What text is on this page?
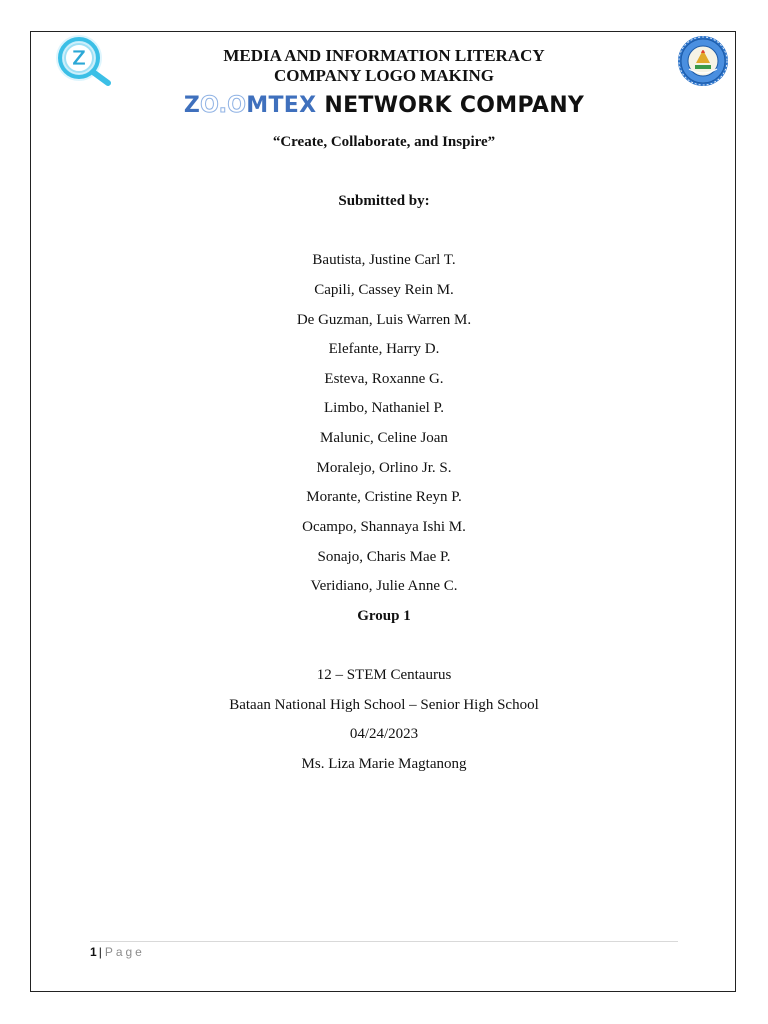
Z	MEDIA AND INFORMATION LITERACY
COMPANY LOGO MAKING
ZO.OMTEX NETWORK COMPANY
“Create, Collaborate, and Inspire”
Submitted by:
Bautista, Justine Carl T.
Capili, Cassey Rein M.
De Guzman, Luis Warren M.
Elefante, Harry D.
Esteva, Roxanne G.
Limbo, Nathaniel P.
Malunic, Celine Joan
Moralejo, Orlino Jr. S.
Morante, Cristine Reyn P.
Ocampo, Shannaya Ishi M.
Sonajo, Charis Mae P.
Veridiano, Julie Anne C.
Group 1
12 – STEM Centaurus
Bataan National High School – Senior High School
04/24/2023
Ms. Liza Marie Magtanong
1 | Page
